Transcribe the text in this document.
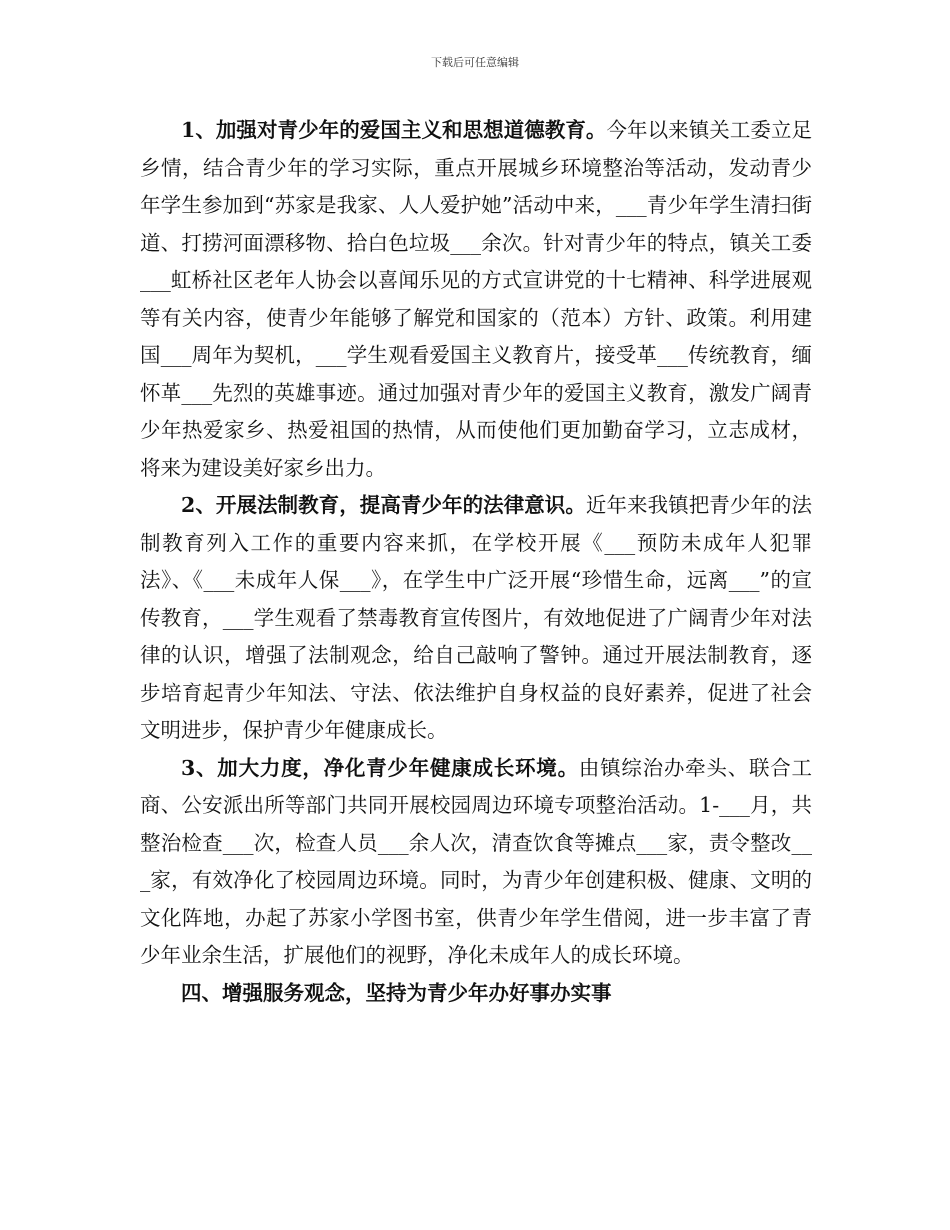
下载后可任意编辑

1、加强对青少年的爱国主义和思想道德教育。今年以来镇关工委立足乡情，结合青少年的学习实际，重点开展城乡环境整治等活动，发动青少年学生参加到“苏家是我家、人人爱护她”活动中来，___青少年学生清扫街道、打捞河面漂移物、拾白色垃圾___余次。针对青少年的特点，镇关工委___虹桥社区老年人协会以喜闻乐见的方式宣讲党的十七精神、科学进展观等有关内容，使青少年能够了解党和国家的（范本）方针、政策。利用建国___周年为契机，___学生观看爱国主义教育片，接受革___传统教育，缅怀革___先烈的英雄事迹。通过加强对青少年的爱国主义教育，激发广阔青少年热爱家乡、热爱祖国的热情，从而使他们更加勤奋学习，立志成材，将来为建设美好家乡出力。

2、开展法制教育，提高青少年的法律意识。近年来我镇把青少年的法制教育列入工作的重要内容来抓，在学校开展《___预防未成年人犯罪法》、《___未成年人保___》，在学生中广泛开展“珍惜生命，远离___”的宣传教育，___学生观看了禁毒教育宣传图片，有效地促进了广阔青少年对法律的认识，增强了法制观念，给自己敲响了警钟。通过开展法制教育，逐步培育起青少年知法、守法、依法维护自身权益的良好素养，促进了社会文明进步，保护青少年健康成长。

3、加大力度，净化青少年健康成长环境。由镇综治办牵头、联合工商、公安派出所等部门共同开展校园周边环境专项整治活动。1-___月，共整治检查___次，检查人员___余人次，清查饮食等摊点___家，责令整改___家，有效净化了校园周边环境。同时，为青少年创建积极、健康、文明的文化阵地，办起了苏家小学图书室，供青少年学生借阅，进一步丰富了青少年业余生活，扩展他们的视野，净化未成年人的成长环境。

四、增强服务观念，坚持为青少年办好事办实事
